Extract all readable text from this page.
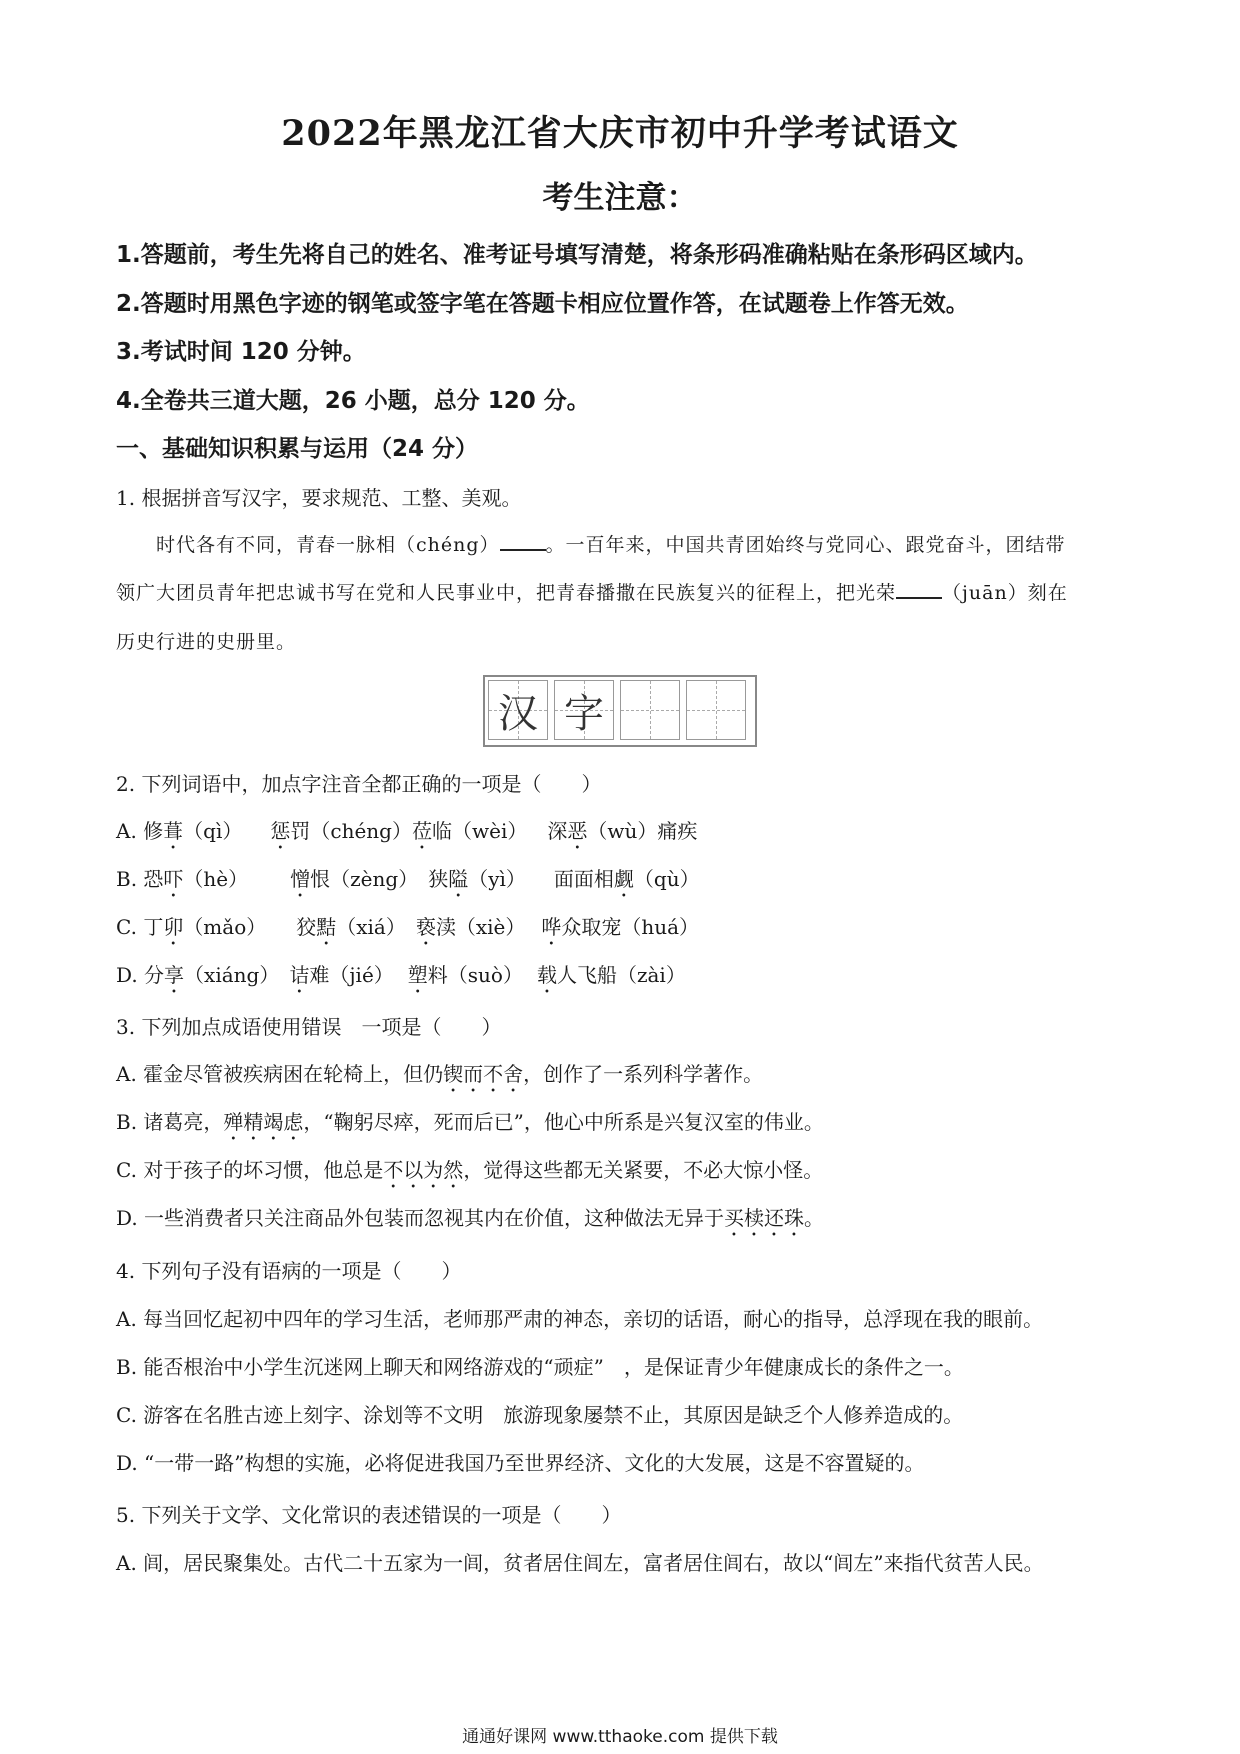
2022年黑龙江省大庆市初中升学考试语文
考生注意：
1.答题前，考生先将自己的姓名、准考证号填写清楚，将条形码准确粘贴在条形码区域内。
2.答题时用黑色字迹的钢笔或签字笔在答题卡相应位置作答，在试题卷上作答无效。
3.考试时间 120 分钟。
4.全卷共三道大题，26 小题，总分 120 分。
一、基础知识积累与运用（24 分）
1. 根据拼音写汉字，要求规范、工整、美观。
时代各有不同，青春一脉相（chéng） 。一百年来，中国共青团始终与党同心、跟党奋斗，团结带
领广大团员青年把忠诚书写在党和人民事业中，把青春播撒在民族复兴的征程上，把光荣 （juān）刻在
历史行进的史册里。
汉 字
2. 下列词语中，加点字注音全都正确的一项是（　　）
A. 修葺（qì） 惩罚（chéng）莅临（wèi） 深恶（wù）痛疾
B. 恐吓（hè） 憎恨（zèng） 狭隘（yì） 面面相觑（qù）
C. 丁卯（mǎo） 狡黠（xiá） 亵渎（xiè） 哗众取宠（huá）
D. 分享（xiáng） 诘难（jié） 塑料（suò） 载人飞船（zài）
3. 下列加点成语使用错误　一项是（　　）
A. 霍金尽管被疾病困在轮椅上，但仍锲而不舍，创作了一系列科学著作。
B. 诸葛亮，殚精竭虑，“鞠躬尽瘁，死而后已”，他心中所系是兴复汉室的伟业。
C. 对于孩子的坏习惯，他总是不以为然，觉得这些都无关紧要，不必大惊小怪。
D. 一些消费者只关注商品外包装而忽视其内在价值，这种做法无异于买椟还珠。
4. 下列句子没有语病的一项是（　　）
A. 每当回忆起初中四年的学习生活，老师那严肃的神态，亲切的话语，耐心的指导，总浮现在我的眼前。
B. 能否根治中小学生沉迷网上聊天和网络游戏的“顽症”　，是保证青少年健康成长的条件之一。
C. 游客在名胜古迹上刻字、涂划等不文明　旅游现象屡禁不止，其原因是缺乏个人修养造成的。
D. “一带一路”构想的实施，必将促进我国乃至世界经济、文化的大发展，这是不容置疑的。
5. 下列关于文学、文化常识的表述错误的一项是（　　）
A. 闾，居民聚集处。古代二十五家为一闾，贫者居住闾左，富者居住闾右，故以“闾左”来指代贫苦人民。
通通好课网 www.tthaoke.com 提供下载
